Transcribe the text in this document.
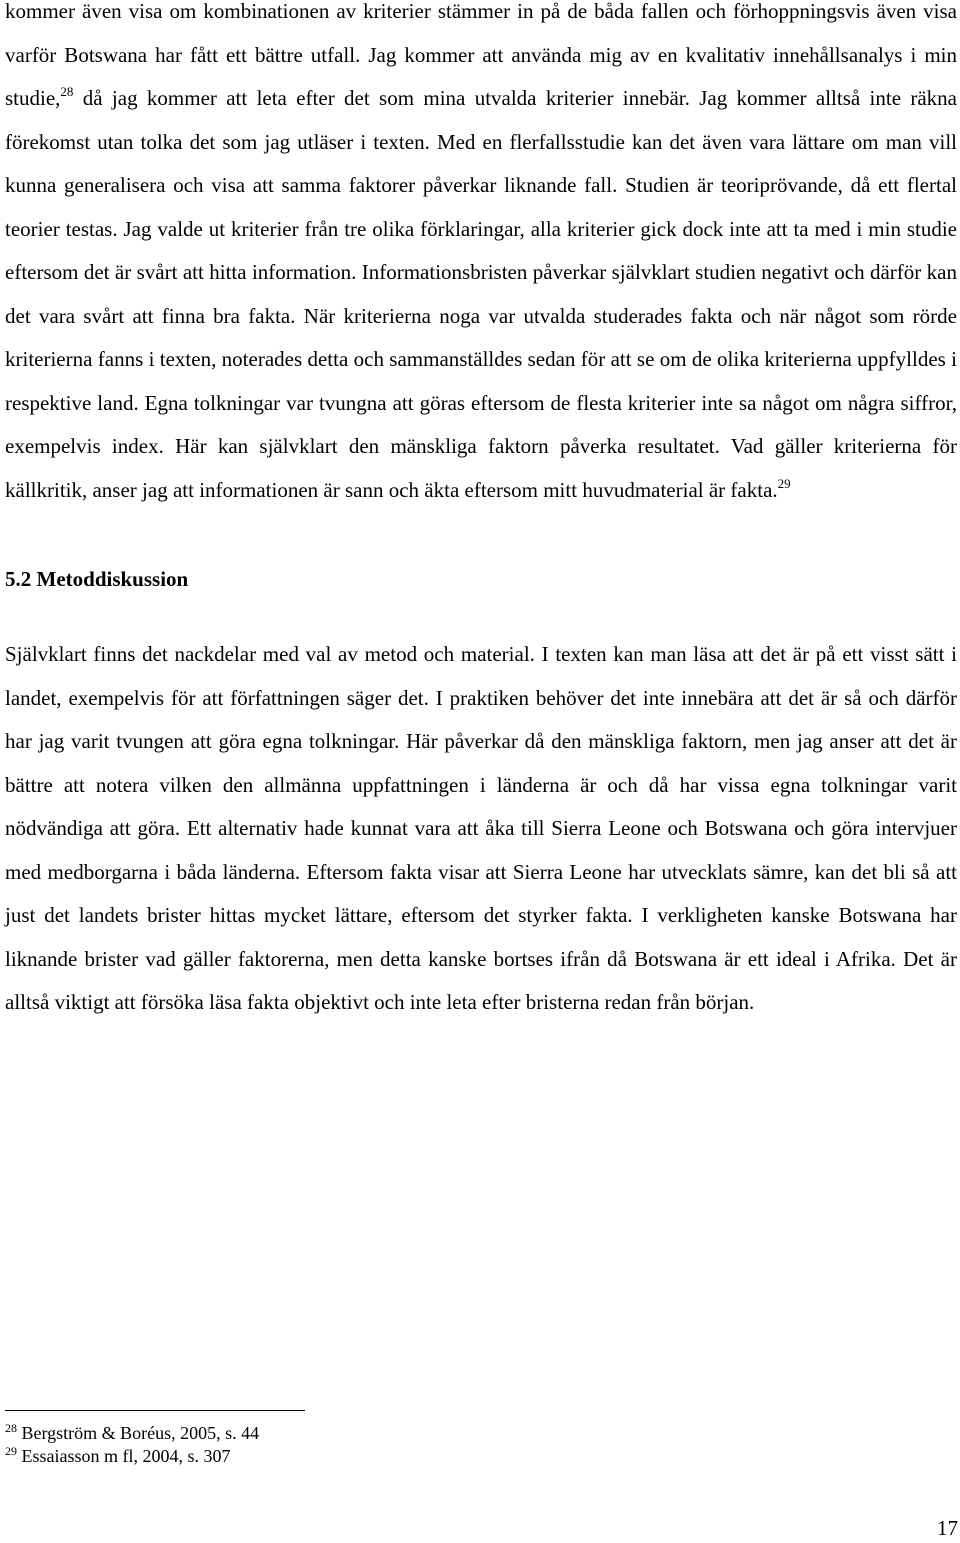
kommer även visa om kombinationen av kriterier stämmer in på de båda fallen och förhoppningsvis även visa varför Botswana har fått ett bättre utfall. Jag kommer att använda mig av en kvalitativ innehållsanalys i min studie,$^{28}$ då jag kommer att leta efter det som mina utvalda kriterier innebär. Jag kommer alltså inte räkna förekomst utan tolka det som jag utläser i texten. Med en flerfallsstudie kan det även vara lättare om man vill kunna generalisera och visa att samma faktorer påverkar liknande fall. Studien är teoriprövande, då ett flertal teorier testas. Jag valde ut kriterier från tre olika förklaringar, alla kriterier gick dock inte att ta med i min studie eftersom det är svårt att hitta information. Informationsbristen påverkar självklart studien negativt och därför kan det vara svårt att finna bra fakta. När kriterierna noga var utvalda studerades fakta och när något som rörde kriterierna fanns i texten, noterades detta och sammanställdes sedan för att se om de olika kriterierna uppfylldes i respektive land. Egna tolkningar var tvungna att göras eftersom de flesta kriterier inte sa något om några siffror, exempelvis index. Här kan självklart den mänskliga faktorn påverka resultatet. Vad gäller kriterierna för källkritik, anser jag att informationen är sann och äkta eftersom mitt huvudmaterial är fakta.$^{29}$

5.2 Metoddiskussion

Självklart finns det nackdelar med val av metod och material. I texten kan man läsa att det är på ett visst sätt i landet, exempelvis för att författningen säger det. I praktiken behöver det inte innebära att det är så och därför har jag varit tvungen att göra egna tolkningar. Här påverkar då den mänskliga faktorn, men jag anser att det är bättre att notera vilken den allmänna uppfattningen i länderna är och då har vissa egna tolkningar varit nödvändiga att göra. Ett alternativ hade kunnat vara att åka till Sierra Leone och Botswana och göra intervjuer med medborgarna i båda länderna. Eftersom fakta visar att Sierra Leone har utvecklats sämre, kan det bli så att just det landets brister hittas mycket lättare, eftersom det styrker fakta. I verkligheten kanske Botswana har liknande brister vad gäller faktorerna, men detta kanske bortses ifrån då Botswana är ett ideal i Afrika. Det är alltså viktigt att försöka läsa fakta objektivt och inte leta efter bristerna redan från början.

$^{28}$ Bergström & Boréus, 2005, s. 44
$^{29}$ Essaiasson m fl, 2004, s. 307
17
